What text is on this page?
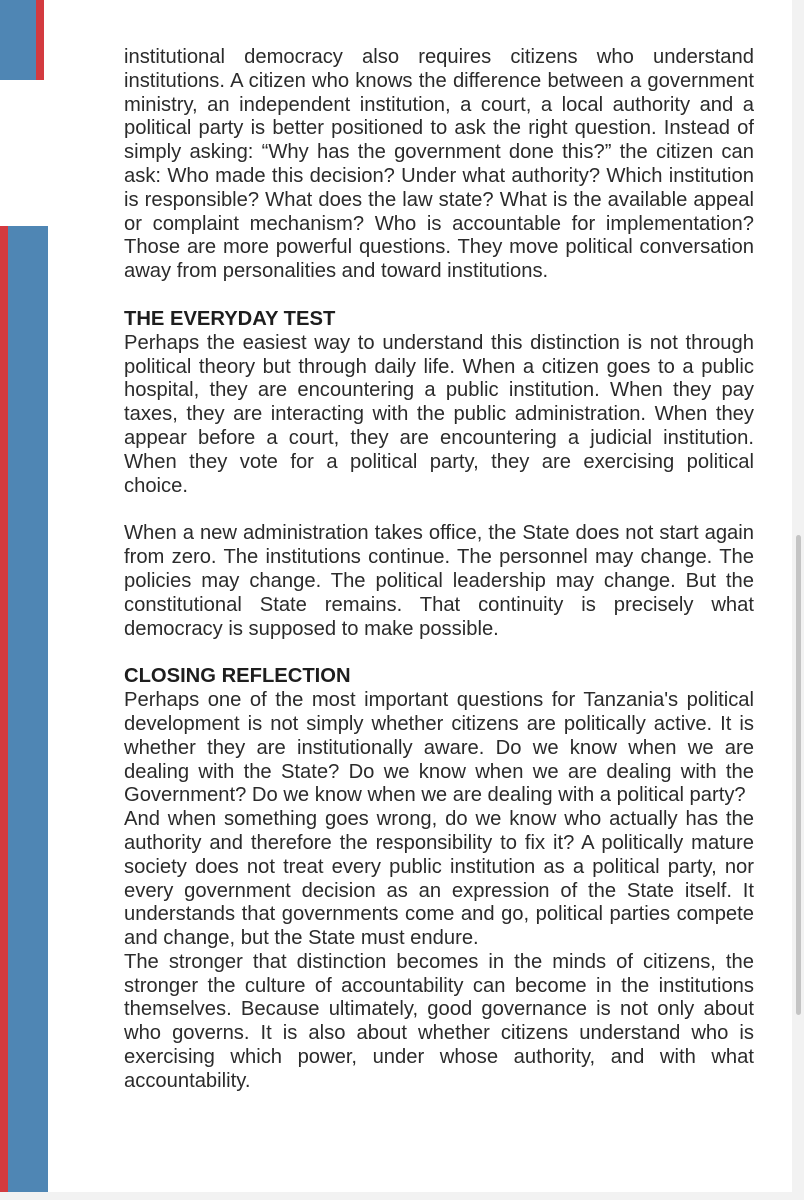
institutional democracy also requires citizens who understand institutions. A citizen who knows the difference between a government ministry, an independent institution, a court, a local authority and a political party is better positioned to ask the right question. Instead of simply asking: “Why has the government done this?” the citizen can ask: Who made this decision? Under what authority? Which institution is responsible? What does the law state? What is the available appeal or complaint mechanism? Who is accountable for implementation? Those are more powerful questions. They move political conversation away from personalities and toward institutions.

THE EVERYDAY TEST

Perhaps the easiest way to understand this distinction is not through political theory but through daily life. When a citizen goes to a public hospital, they are encountering a public institution. When they pay taxes, they are interacting with the public administration. When they appear before a court, they are encountering a judicial institution. When they vote for a political party, they are exercising political choice.

When a new administration takes office, the State does not start again from zero. The institutions continue. The personnel may change. The policies may change. The political leadership may change. But the constitutional State remains. That continuity is precisely what democracy is supposed to make possible.

CLOSING REFLECTION

Perhaps one of the most important questions for Tanzania's political development is not simply whether citizens are politically active. It is whether they are institutionally aware. Do we know when we are dealing with the State? Do we know when we are dealing with the Government? Do we know when we are dealing with a political party?

And when something goes wrong, do we know who actually has the authority and therefore the responsibility to fix it? A politically mature society does not treat every public institution as a political party, nor every government decision as an expression of the State itself. It understands that governments come and go, political parties compete and change, but the State must endure.

The stronger that distinction becomes in the minds of citizens, the stronger the culture of accountability can become in the institutions themselves. Because ultimately, good governance is not only about who governs. It is also about whether citizens understand who is exercising which power, under whose authority, and with what accountability.
